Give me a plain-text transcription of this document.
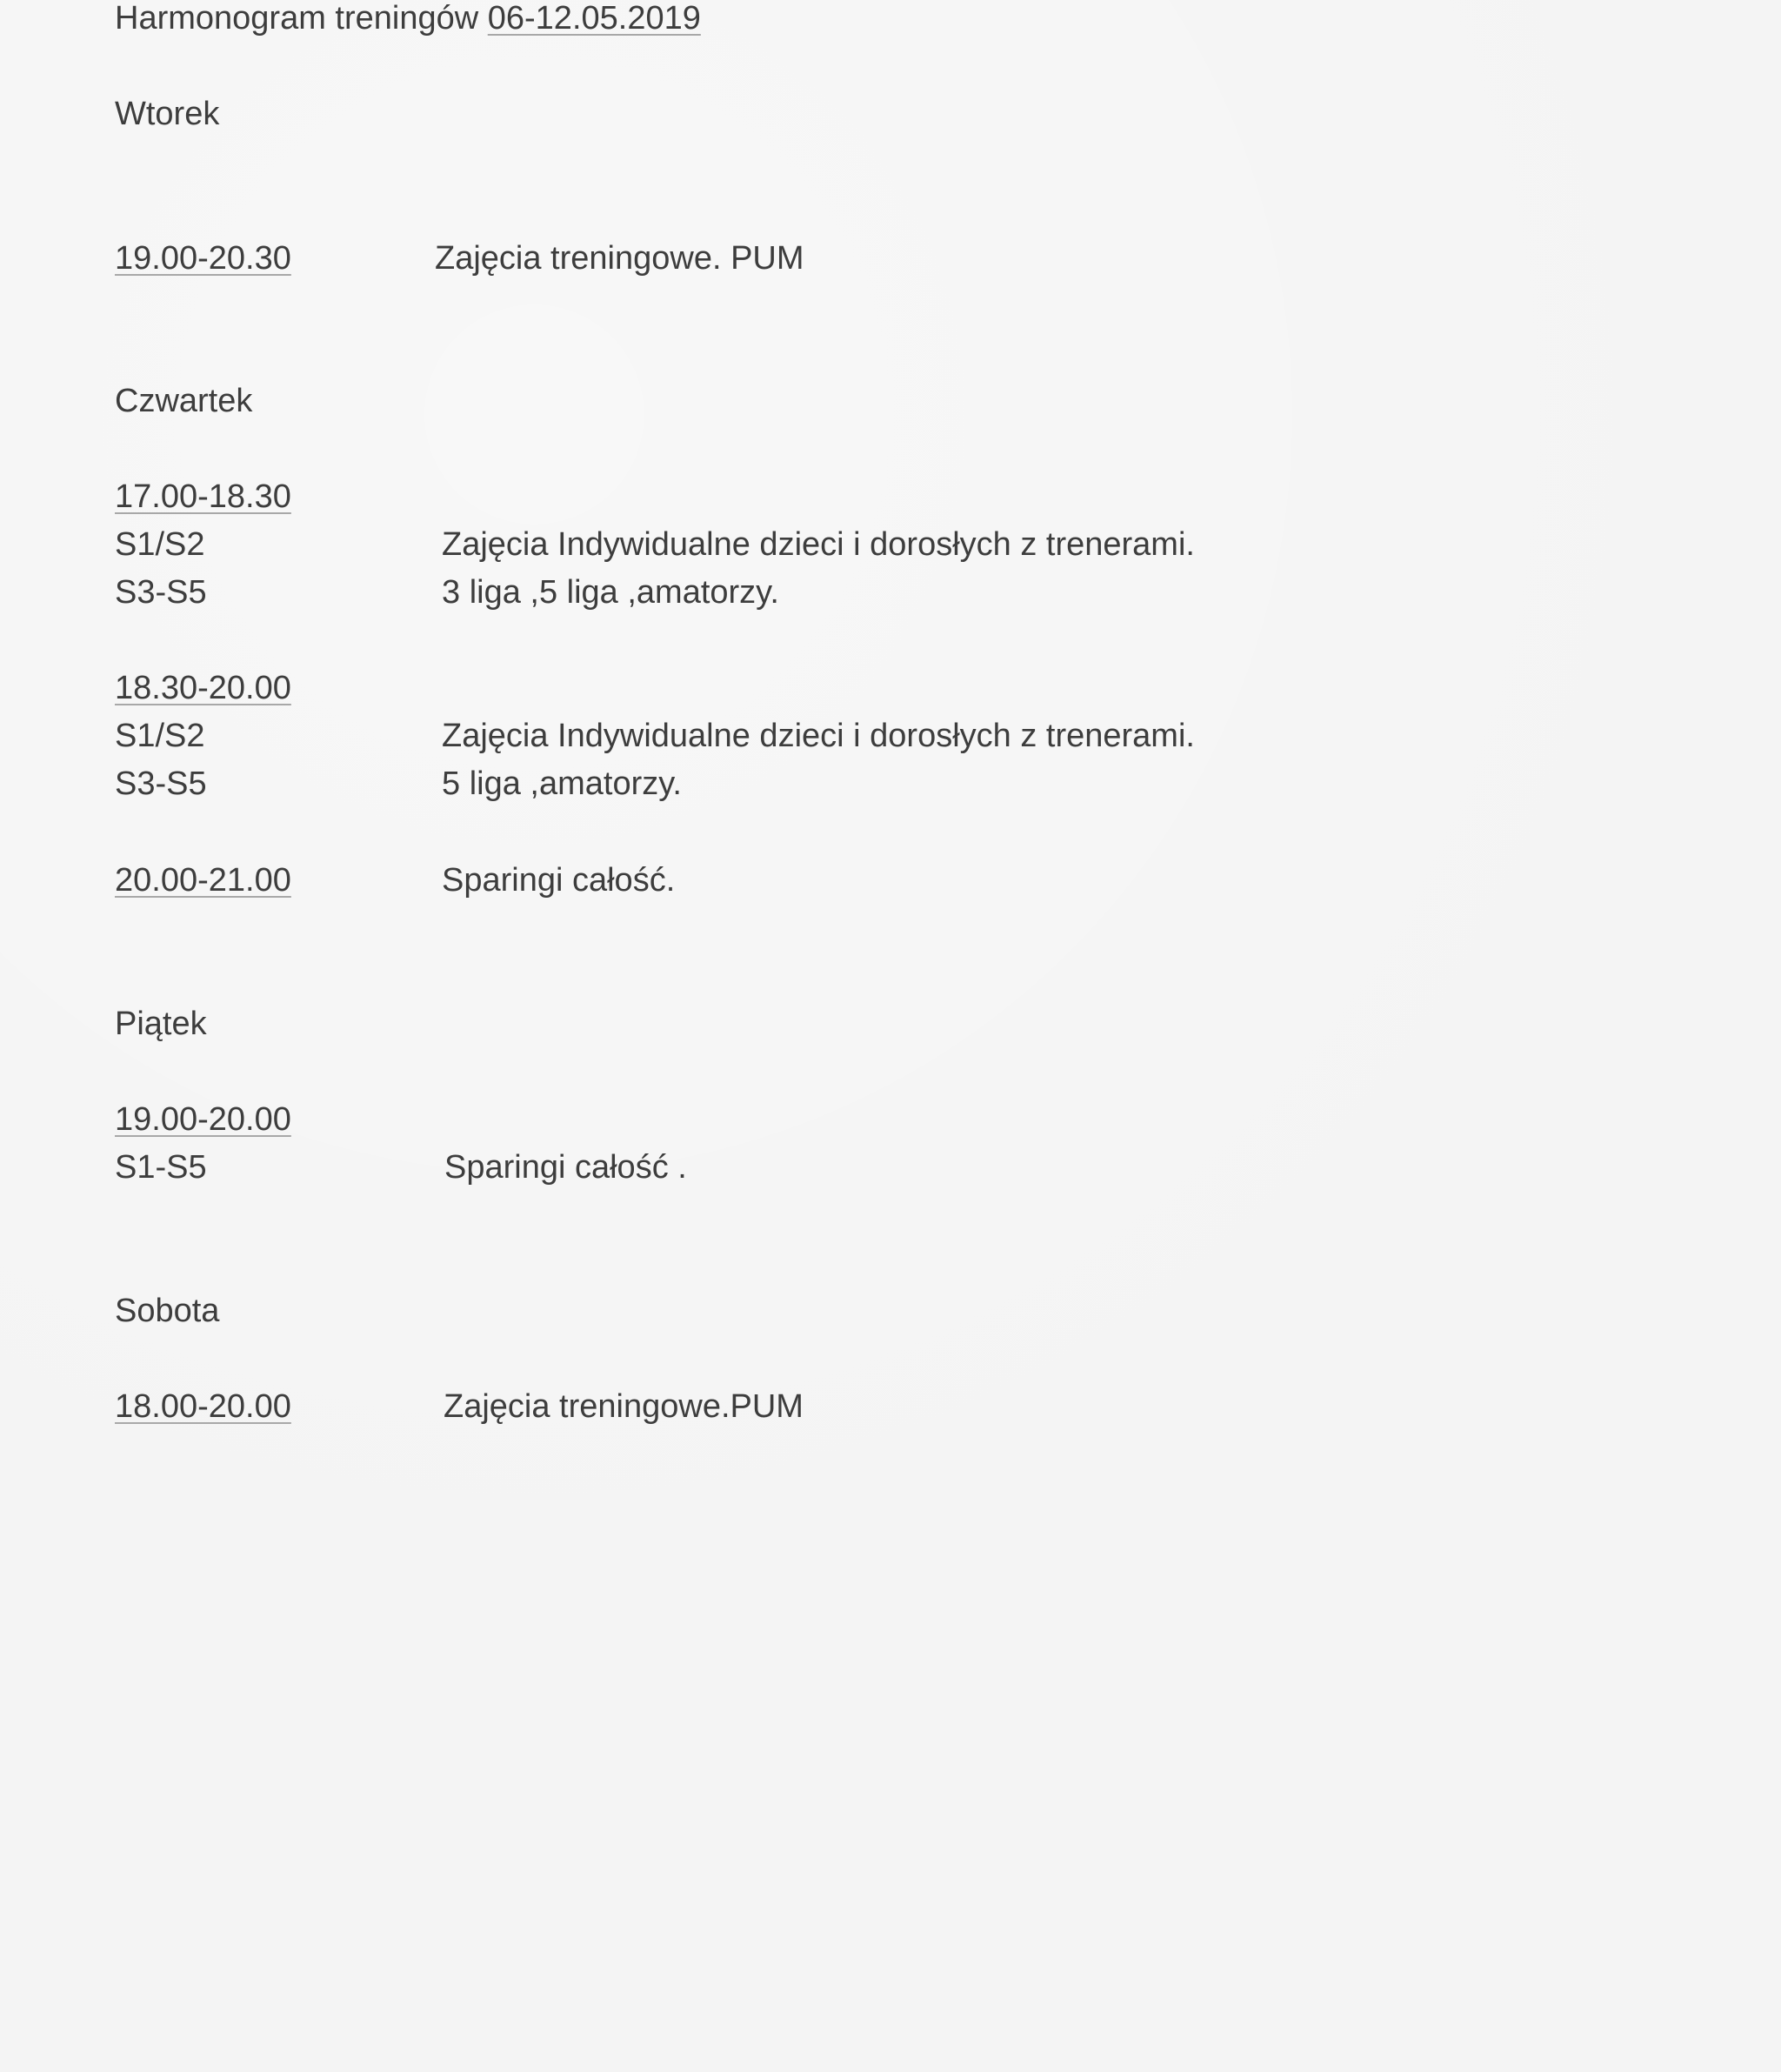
Harmonogram treningów 06-12.05.2019
Wtorek
19.00-20.30	Zajęcia treningowe. PUM
Czwartek
17.00-18.30
S1/S2	Zajęcia Indywidualne dzieci i dorosłych z trenerami.
S3-S5	3 liga ,5 liga ,amatorzy.
18.30-20.00
S1/S2	Zajęcia Indywidualne dzieci i dorosłych z trenerami.
S3-S5	5 liga ,amatorzy.
20.00-21.00	Sparingi całość.
Piątek
19.00-20.00
S1-S5	Sparingi całość .
Sobota
18.00-20.00	Zajęcia treningowe.PUM
